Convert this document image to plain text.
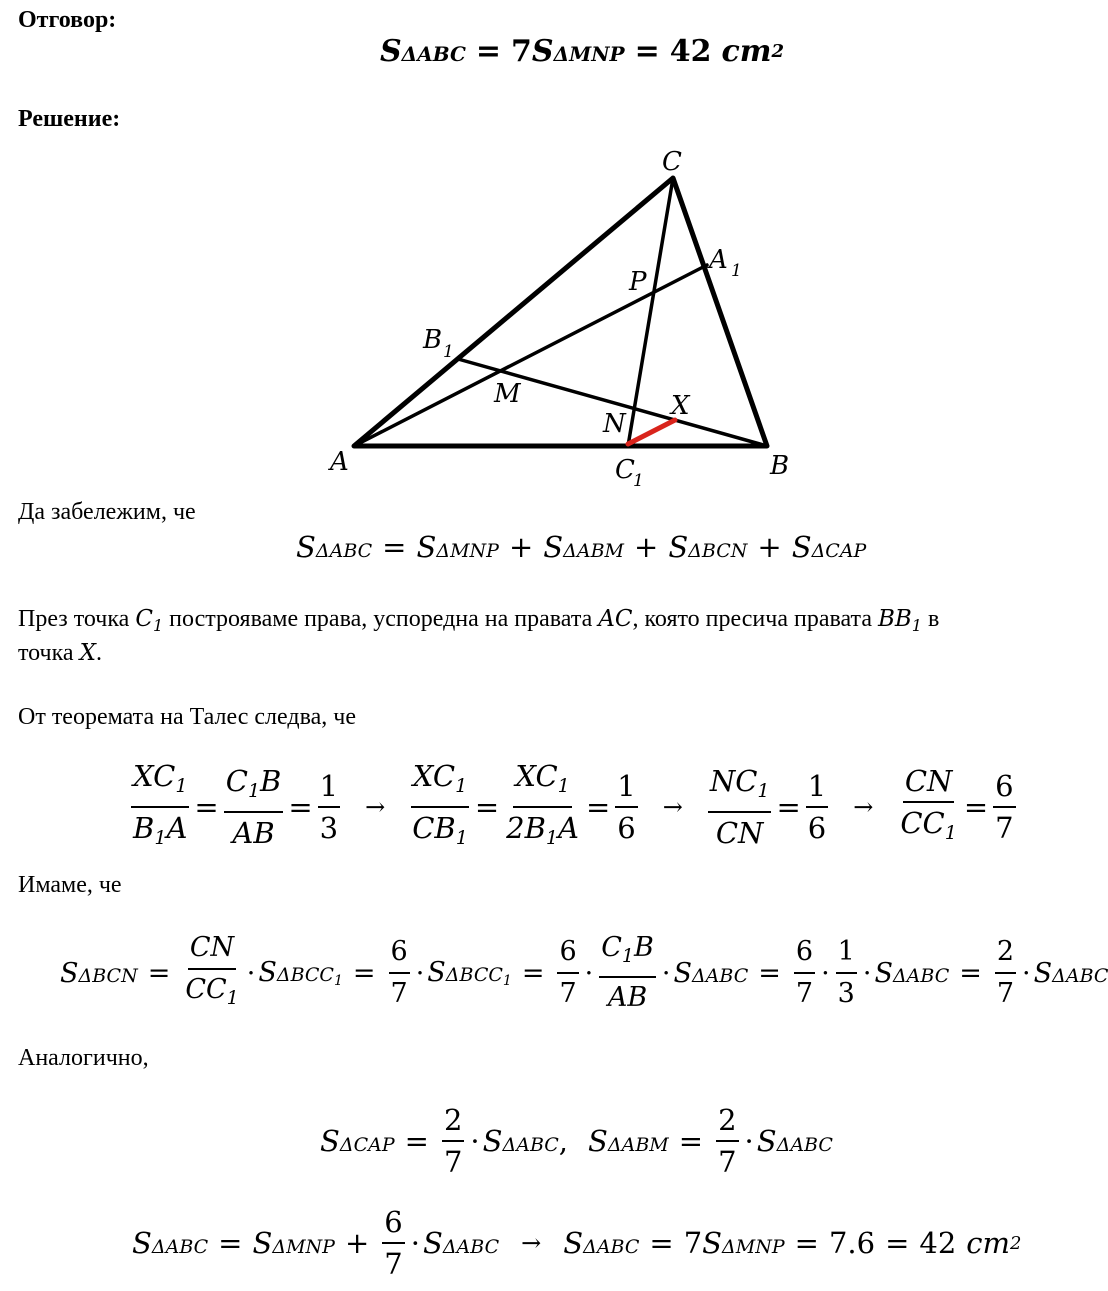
Отговор:
S ΔABC = 7 S ΔMNP = 42 cm 2
Решение:
C
A 1
P
B 1
M
N
X
A	B
C
1
Да забележим, че
S ΔABC = S ΔMNP + S ΔABM + S ΔBCN + S ΔCAP
През точка $C_1$ построяваме права, успоредна на правата AC, която пресича правата $BB_1$ в
точка X.
От теоремата на Талес следва, че
$\frac{XC_1}{B_1A} = \frac{C_1B}{AB} = \frac{1}{3} \to \frac{XC_1}{CB_1} = \frac{XC_1}{2B_1A} = \frac{1}{6} \to \frac{NC_1}{CN} = \frac{1}{6} \to \frac{CN}{CC_1} = \frac{6}{7}$
Имаме, че
S $\Delta BCN = \frac{CN}{CC_1} \cdot S$ $\Delta BCC_1 = \frac{6}{7} \cdot S$ $\Delta BCC_1 = \frac{6}{7} \cdot \frac{C_1B}{AB} \cdot S$ $\Delta ABC = \frac{6}{7} \cdot \frac{1}{3} \cdot S$ $\Delta ABC = \frac{2}{7} \cdot S$ ΔABC
Аналогично,
S $\Delta CAP = \frac{2}{7} \cdot S$ ΔABC , S $\Delta ABM = \frac{2}{7} \cdot S$ ΔABC
S ΔABC = S $\Delta MNP + \frac{6}{7} \cdot S$ ΔABC → S ΔABC = 7 S ΔMNP = 7.6 = 42 cm 2
